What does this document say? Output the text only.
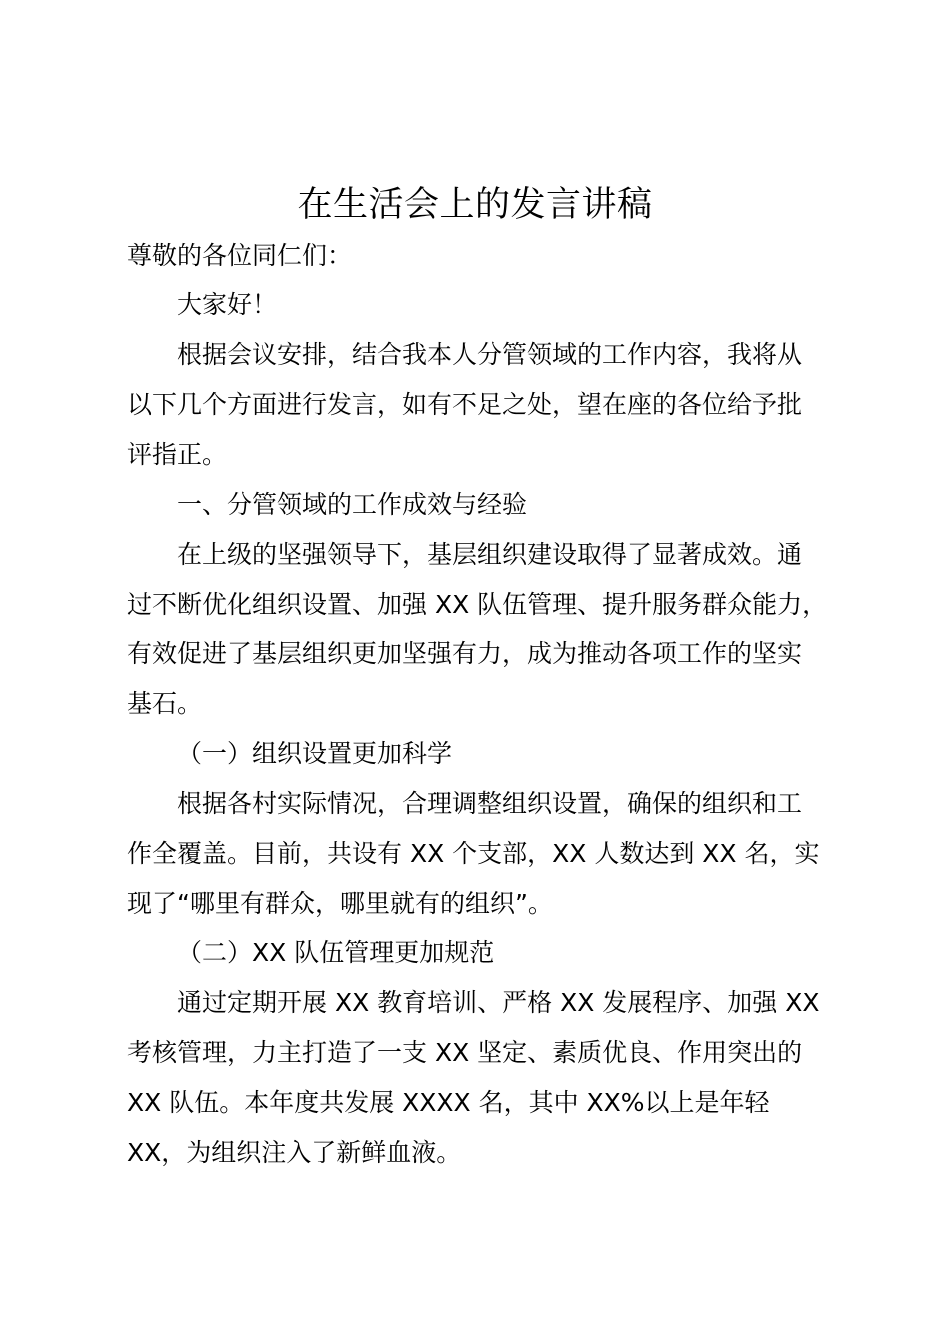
在生活会上的发言讲稿
尊敬的各位同仁们：
大家好！
根据会议安排，结合我本人分管领域的工作内容，我将从
以下几个方面进行发言，如有不足之处，望在座的各位给予批
评指正。
一、分管领域的工作成效与经验
在上级的坚强领导下，基层组织建设取得了显著成效。通
过不断优化组织设置、加强 XX 队伍管理、提升服务群众能力，
有效促进了基层组织更加坚强有力，成为推动各项工作的坚实
基石。
（一）组织设置更加科学
根据各村实际情况，合理调整组织设置，确保的组织和工
作全覆盖。目前，共设有 XX 个支部，XX 人数达到 XX 名，实
现了“哪里有群众，哪里就有的组织”。
（二）XX 队伍管理更加规范
通过定期开展 XX 教育培训、严格 XX 发展程序、加强 XX
考核管理，力主打造了一支 XX 坚定、素质优良、作用突出的
XX 队伍。本年度共发展 XXXX 名，其中 XX%以上是年轻
XX，为组织注入了新鲜血液。
